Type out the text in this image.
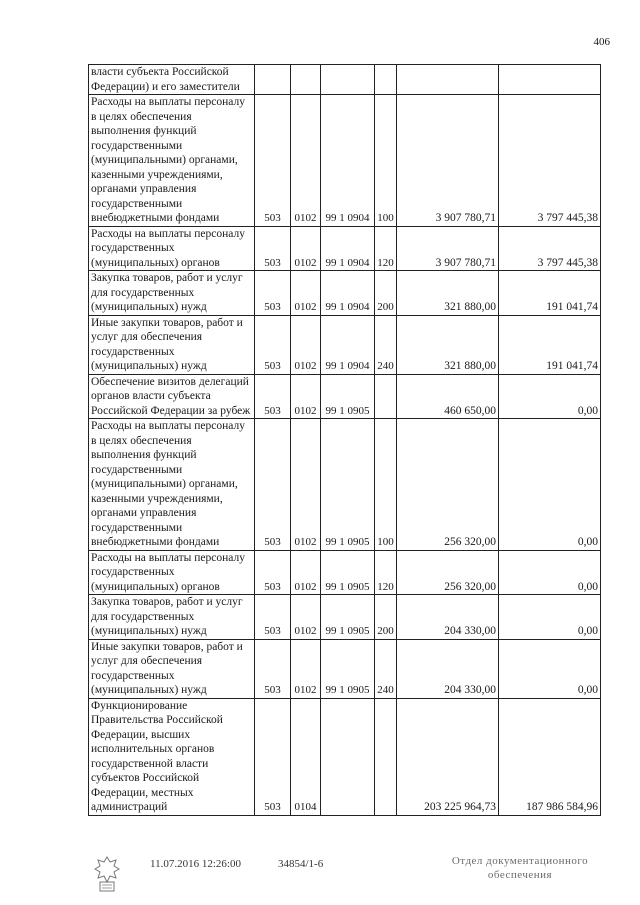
406
власти субъекта Российской Федерации) и его заместители						
Расходы на выплаты персоналу в целях обеспечения выполнения функций государственными (муниципальными) органами, казенными учреждениями, органами управления государственными внебюджетными фондами	503	0102	99 1 0904	100	3 907 780,71	3 797 445,38
Расходы на выплаты персоналу государственных (муниципальных) органов	503	0102	99 1 0904	120	3 907 780,71	3 797 445,38
Закупка товаров, работ и услуг для государственных (муниципальных) нужд	503	0102	99 1 0904	200	321 880,00	191 041,74
Иные закупки товаров, работ и услуг для обеспечения государственных (муниципальных) нужд	503	0102	99 1 0904	240	321 880,00	191 041,74
Обеспечение визитов делегаций органов власти субъекта Российской Федерации за рубеж	503	0102	99 1 0905		460 650,00	0,00
Расходы на выплаты персоналу в целях обеспечения выполнения функций государственными (муниципальными) органами, казенными учреждениями, органами управления государственными внебюджетными фондами	503	0102	99 1 0905	100	256 320,00	0,00
Расходы на выплаты персоналу государственных (муниципальных) органов	503	0102	99 1 0905	120	256 320,00	0,00
Закупка товаров, работ и услуг для государственных (муниципальных) нужд	503	0102	99 1 0905	200	204 330,00	0,00
Иные закупки товаров, работ и услуг для обеспечения государственных (муниципальных) нужд	503	0102	99 1 0905	240	204 330,00	0,00
Функционирование Правительства Российской Федерации, высших исполнительных органов государственной власти субъектов Российской Федерации, местных администраций	503	0104			203 225 964,73	187 986 584,96
11.07.2016 12:26:00	34854/1-6	Отдел документационного
обеспечения
